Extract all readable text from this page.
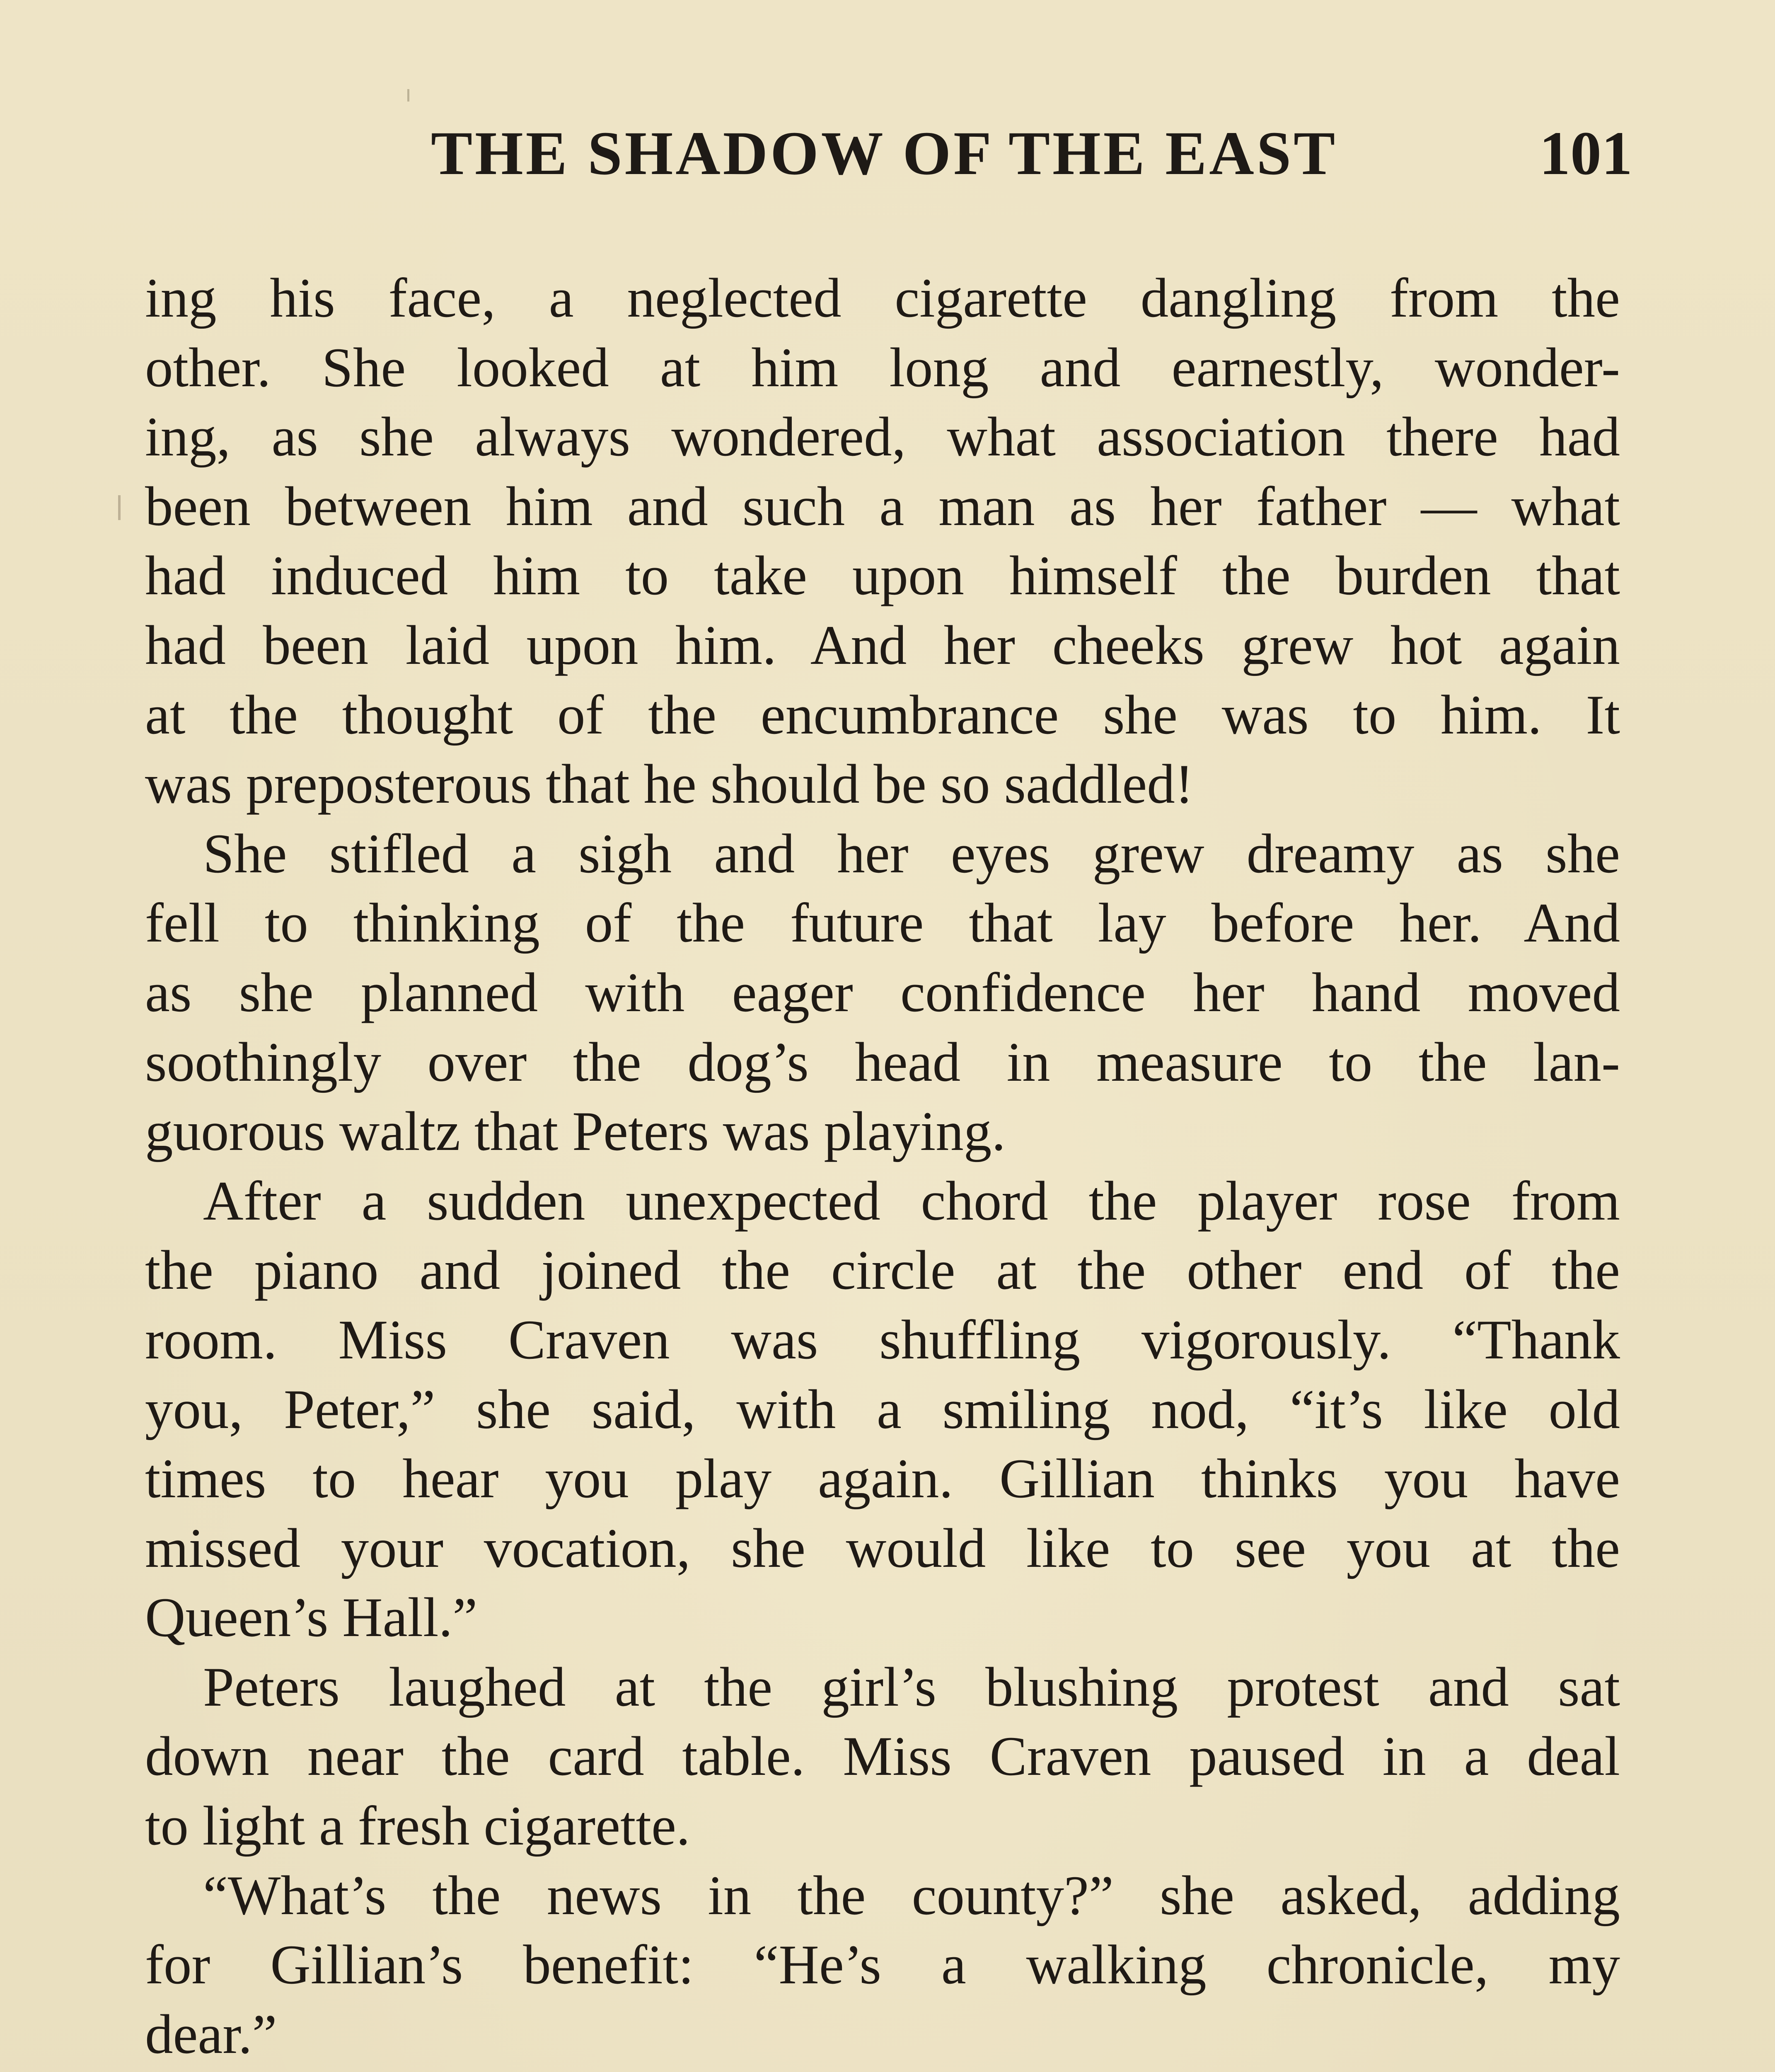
THE SHADOW OF THE EAST	101
ing his face, a neglected cigarette dangling from the
other. She looked at him long and earnestly, wonder-
ing, as she always wondered, what association there had
been between him and such a man as her father — what
had induced him to take upon himself the burden that
had been laid upon him. And her cheeks grew hot again
at the thought of the encumbrance she was to him. It
was preposterous that he should be so saddled!
She stifled a sigh and her eyes grew dreamy as she
fell to thinking of the future that lay before her. And
as she planned with eager confidence her hand moved
soothingly over the dog’s head in measure to the lan-
guorous waltz that Peters was playing.
After a sudden unexpected chord the player rose from
the piano and joined the circle at the other end of the
room. Miss Craven was shuffling vigorously. “Thank
you, Peter,” she said, with a smiling nod, “it’s like old
times to hear you play again. Gillian thinks you have
missed your vocation, she would like to see you at the
Queen’s Hall.”
Peters laughed at the girl’s blushing protest and sat
down near the card table. Miss Craven paused in a deal
to light a fresh cigarette.
“What’s the news in the county?” she asked, adding
for Gillian’s benefit: “He’s a walking chronicle, my
dear.”
